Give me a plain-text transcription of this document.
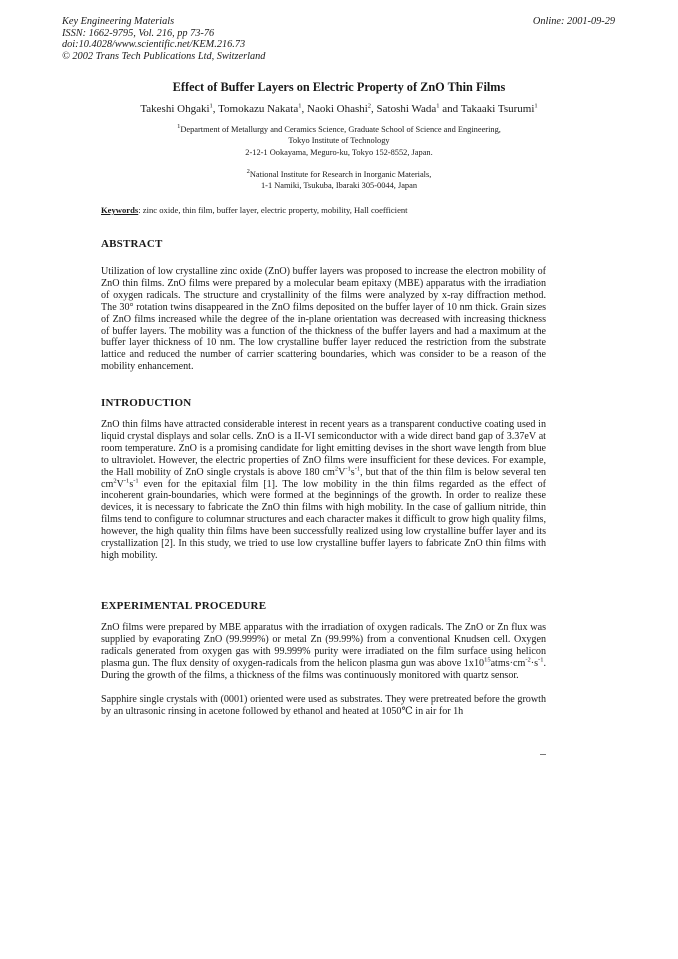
Key Engineering Materials
ISSN: 1662-9795, Vol. 216, pp 73-76
doi:10.4028/www.scientific.net/KEM.216.73
© 2002 Trans Tech Publications Ltd, Switzerland
Online: 2001-09-29
Effect of Buffer Layers on Electric Property of ZnO Thin Films
Takeshi Ohgaki$^1$, Tomokazu Nakata$^1$, Naoki Ohashi$^2$, Satoshi Wada$^1$ and Takaaki Tsurumi$^1$
$^1$Department of Metallurgy and Ceramics Science, Graduate School of Science and Engineering,
Tokyo Institute of Technology
2-12-1 Ookayama, Meguro-ku, Tokyo 152-8552, Japan.
$^2$National Institute for Research in Inorganic Materials,
1-1 Namiki, Tsukuba, Ibaraki 305-0044, Japan
Keywords: zinc oxide, thin film, buffer layer, electric property, mobility, Hall coefficient
ABSTRACT
Utilization of low crystalline zinc oxide (ZnO) buffer layers was proposed to increase the electron mobility of ZnO thin films. ZnO films were prepared by a molecular beam epitaxy (MBE) apparatus with the irradiation of oxygen radicals. The structure and crystallinity of the films were analyzed by x-ray diffraction method. The 30° rotation twins disappeared in the ZnO films deposited on the buffer layer of 10 nm thick. Grain sizes of ZnO films increased while the degree of the in-plane orientation was decreased with increasing thickness of buffer layers. The mobility was a function of the thickness of the buffer layers and had a maximum at the buffer layer thickness of 10 nm. The low crystalline buffer layer reduced the restriction from the substrate lattice and reduced the number of carrier scattering boundaries, which was consider to be a reason of the mobility enhancement.
INTRODUCTION
ZnO thin films have attracted considerable interest in recent years as a transparent conductive coating used in liquid crystal displays and solar cells. ZnO is a II-VI semiconductor with a wide direct band gap of 3.37eV at room temperature. ZnO is a promising candidate for light emitting devises in the short wave length from blue to ultraviolet. However, the electric properties of ZnO films were insufficient for these devices. For example, the Hall mobility of ZnO single crystals is above 180 $cm^2V^{-1}s^{-1}$, but that of the thin film is below several ten $cm^2V^{-1}s^{-1}$ even for the epitaxial film [1]. The low mobility in the thin films regarded as the effect of incoherent grain-boundaries, which were formed at the beginnings of the growth. In order to realize these devices, it is necessary to fabricate the ZnO thin films with high mobility. In the case of gallium nitride, thin films tend to configure to columnar structures and each character makes it difficult to grow high quality films, however, the high quality thin films have been successfully realized using low crystalline buffer layer and its crystallization [2]. In this study, we tried to use low crystalline buffer layers to fabricate ZnO thin films with high mobility.
EXPERIMENTAL PROCEDURE
ZnO films were prepared by MBE apparatus with the irradiation of oxygen radicals. The ZnO or Zn flux was supplied by evaporating ZnO (99.999%) or metal Zn (99.99%) from a conventional Knudsen cell. Oxygen radicals generated from oxygen gas with 99.999% purity were irradiated on the film surface using helicon plasma gun. The flux density of oxygen-radicals from the helicon plasma gun was above $1x10^{15}atms\cdot cm^{-2}\cdot s^{-1}$. During the growth of the films, a thickness of the films was continuously monitored with quartz sensor.
Sapphire single crystals with (0001) oriented were used as substrates. They were pretreated before the growth by an ultrasonic rinsing in acetone followed by ethanol and heated at 1050℃ in air for 1h
